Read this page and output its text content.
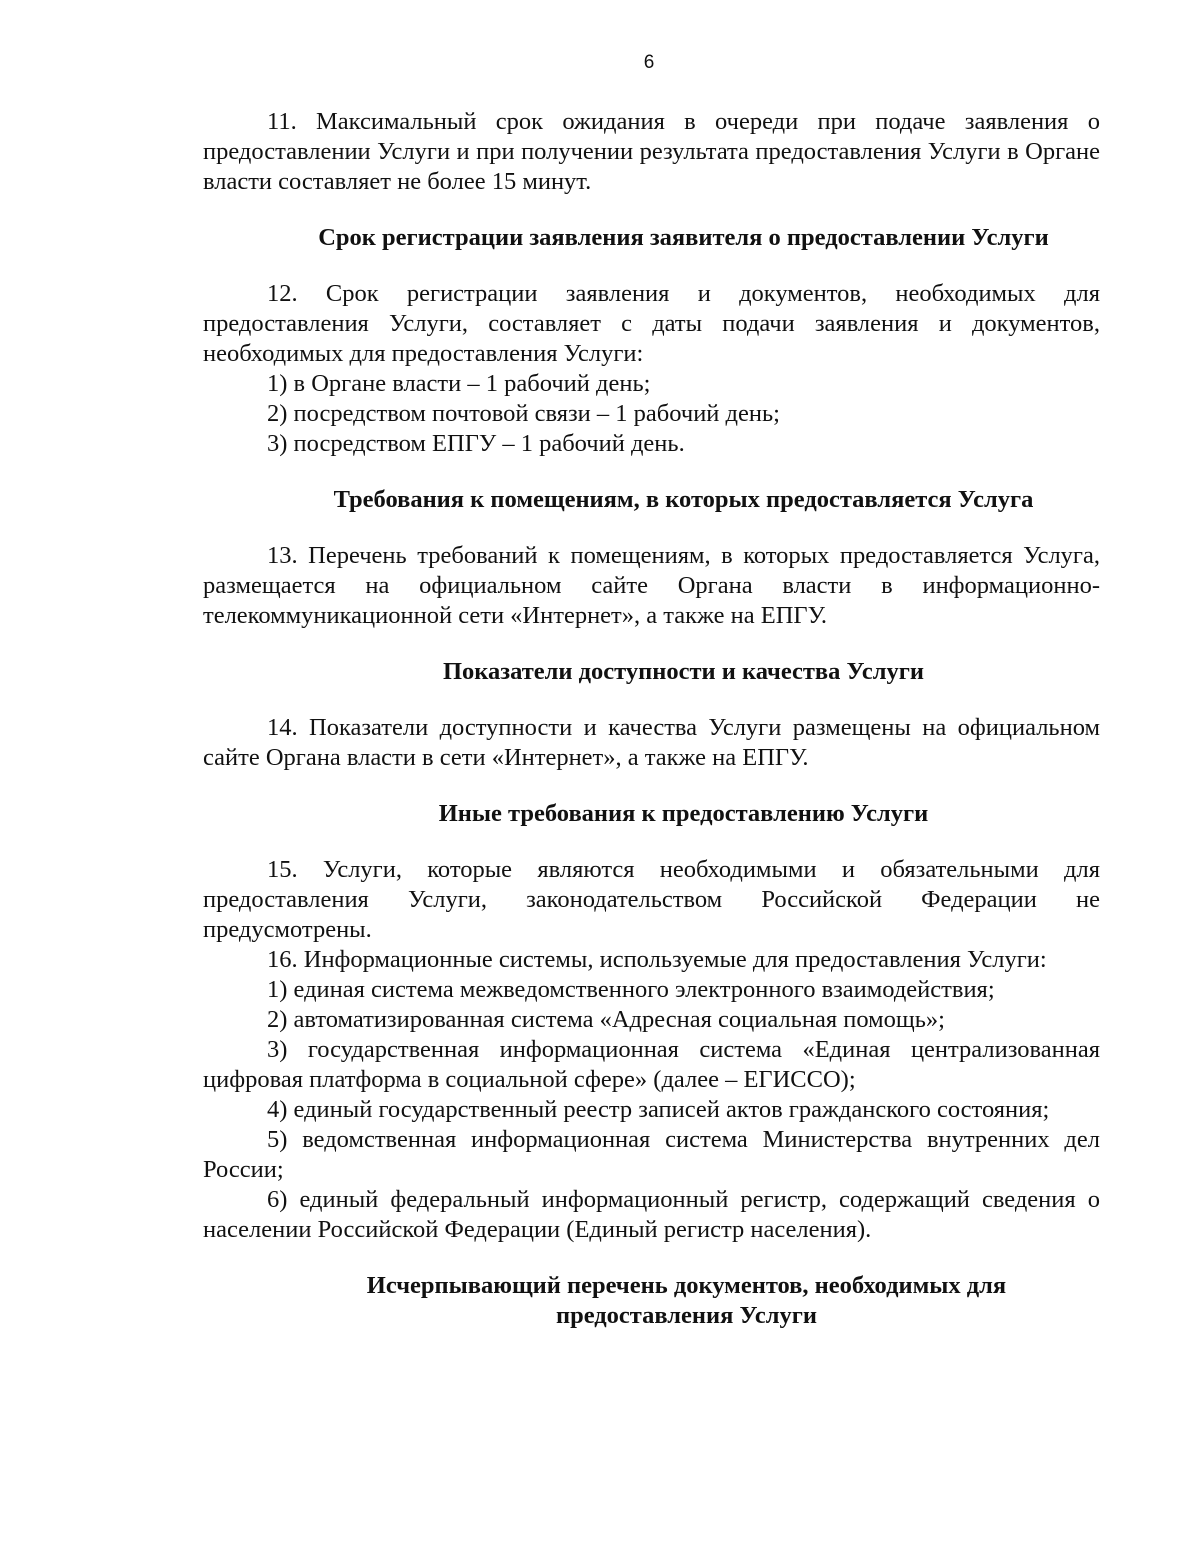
6

11. Максимальный срок ожидания в очереди при подаче заявления о предоставлении Услуги и при получении результата предоставления Услуги в Органе власти составляет не более 15 минут.

Срок регистрации заявления заявителя о предоставлении Услуги

12. Срок регистрации заявления и документов, необходимых для предоставления Услуги, составляет с даты подачи заявления и документов, необходимых для предоставления Услуги:

1) в Органе власти – 1 рабочий день;

2) посредством почтовой связи – 1 рабочий день;

3) посредством ЕПГУ – 1 рабочий день.

Требования к помещениям, в которых предоставляется Услуга

13. Перечень требований к помещениям, в которых предоставляется Услуга, размещается на официальном сайте Органа власти в информационно-телекоммуникационной сети «Интернет», а также на ЕПГУ.

Показатели доступности и качества Услуги

14. Показатели доступности и качества Услуги размещены на официальном сайте Органа власти в сети «Интернет», а также на ЕПГУ.

Иные требования к предоставлению Услуги

15. Услуги, которые являются необходимыми и обязательными для предоставления Услуги, законодательством Российской Федерации не предусмотрены.

16. Информационные системы, используемые для предоставления Услуги:

1) единая система межведомственного электронного взаимодействия;

2) автоматизированная система «Адресная социальная помощь»;

3) государственная информационная система «Единая централизованная цифровая платформа в социальной сфере» (далее – ЕГИССО);

4) единый государственный реестр записей актов гражданского состояния;

5) ведомственная информационная система Министерства внутренних дел России;

6) единый федеральный информационный регистр, содержащий сведения о населении Российской Федерации (Единый регистр населения).

Исчерпывающий перечень документов, необходимых для предоставления Услуги
